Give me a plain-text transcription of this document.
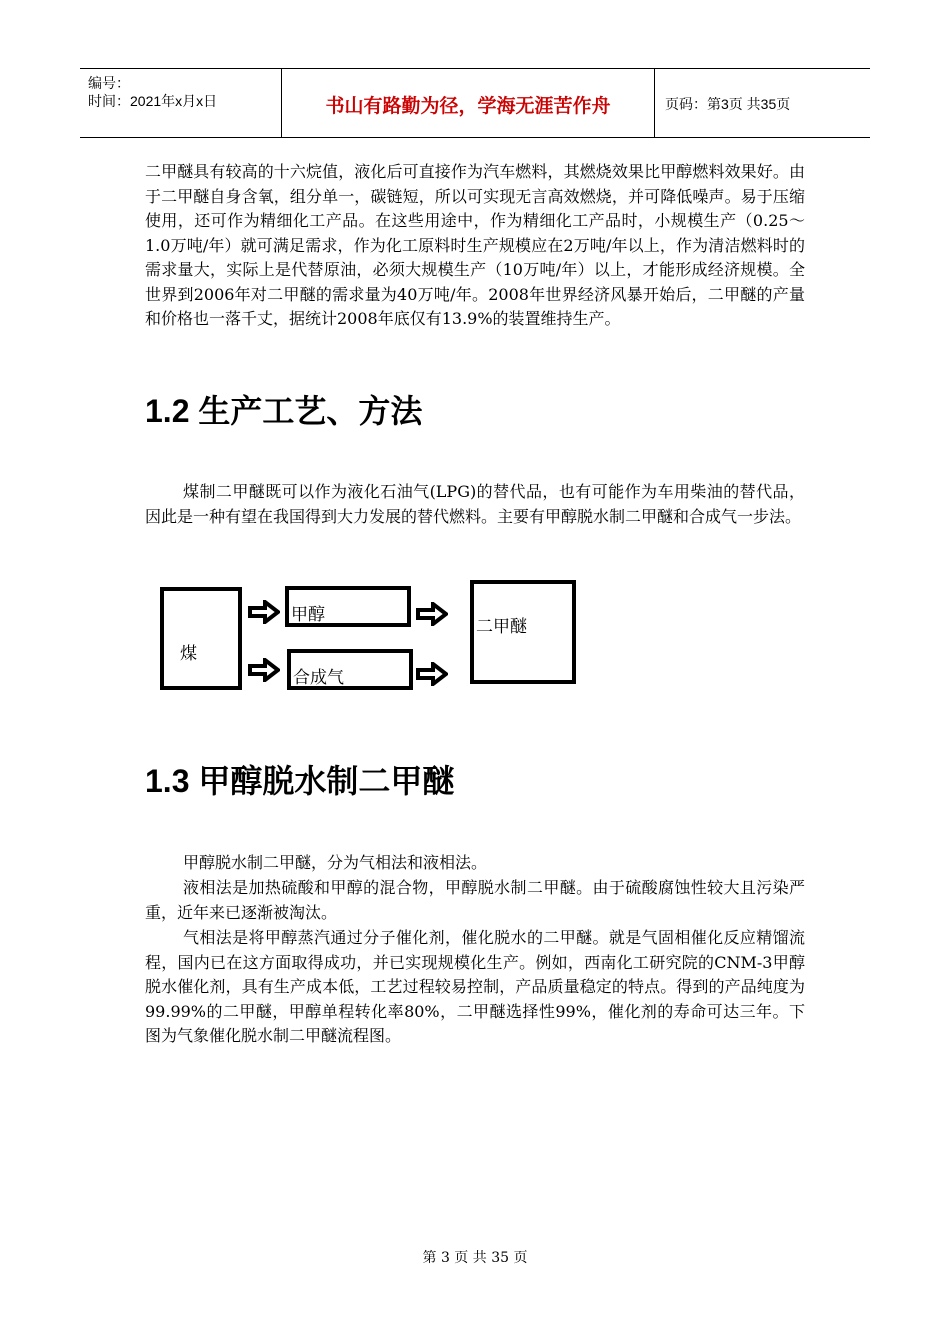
编号：
时间：2021年x月x日	书山有路勤为径，学海无涯苦作舟	页码：第3页 共35页

二甲醚具有较高的十六烷值，液化后可直接作为汽车燃料，其燃烧效果比甲醇燃料效果好。由于二甲醚自身含氧，组分单一，碳链短，所以可实现无言高效燃烧，并可降低噪声。易于压缩使用，还可作为精细化工产品。在这些用途中，作为精细化工产品时，小规模生产（0.25～1.0万吨/年）就可满足需求，作为化工原料时生产规模应在2万吨/年以上，作为清洁燃料时的需求量大，实际上是代替原油，必须大规模生产（10万吨/年）以上，才能形成经济规模。全世界到2006年对二甲醚的需求量为40万吨/年。2008年世界经济风暴开始后，二甲醚的产量和价格也一落千丈，据统计2008年底仅有13.9%的装置维持生产。

1.2 生产工艺、方法

煤制二甲醚既可以作为液化石油气(LPG)的替代品，也有可能作为车用柴油的替代品，因此是一种有望在我国得到大力发展的替代燃料。主要有甲醇脱水制二甲醚和合成气一步法。

煤
甲醇
合成气
二甲醚
1.3 甲醇脱水制二甲醚

甲醇脱水制二甲醚，分为气相法和液相法。

液相法是加热硫酸和甲醇的混合物，甲醇脱水制二甲醚。由于硫酸腐蚀性较大且污染严重，近年来已逐渐被淘汰。

气相法是将甲醇蒸汽通过分子催化剂，催化脱水的二甲醚。就是气固相催化反应精馏流程，国内已在这方面取得成功，并已实现规模化生产。例如，西南化工研究院的CNM-3甲醇脱水催化剂，具有生产成本低，工艺过程较易控制，产品质量稳定的特点。得到的产品纯度为99.99%的二甲醚，甲醇单程转化率80%，二甲醚选择性99%，催化剂的寿命可达三年。下图为气象催化脱水制二甲醚流程图。

第 3 页 共 35 页
